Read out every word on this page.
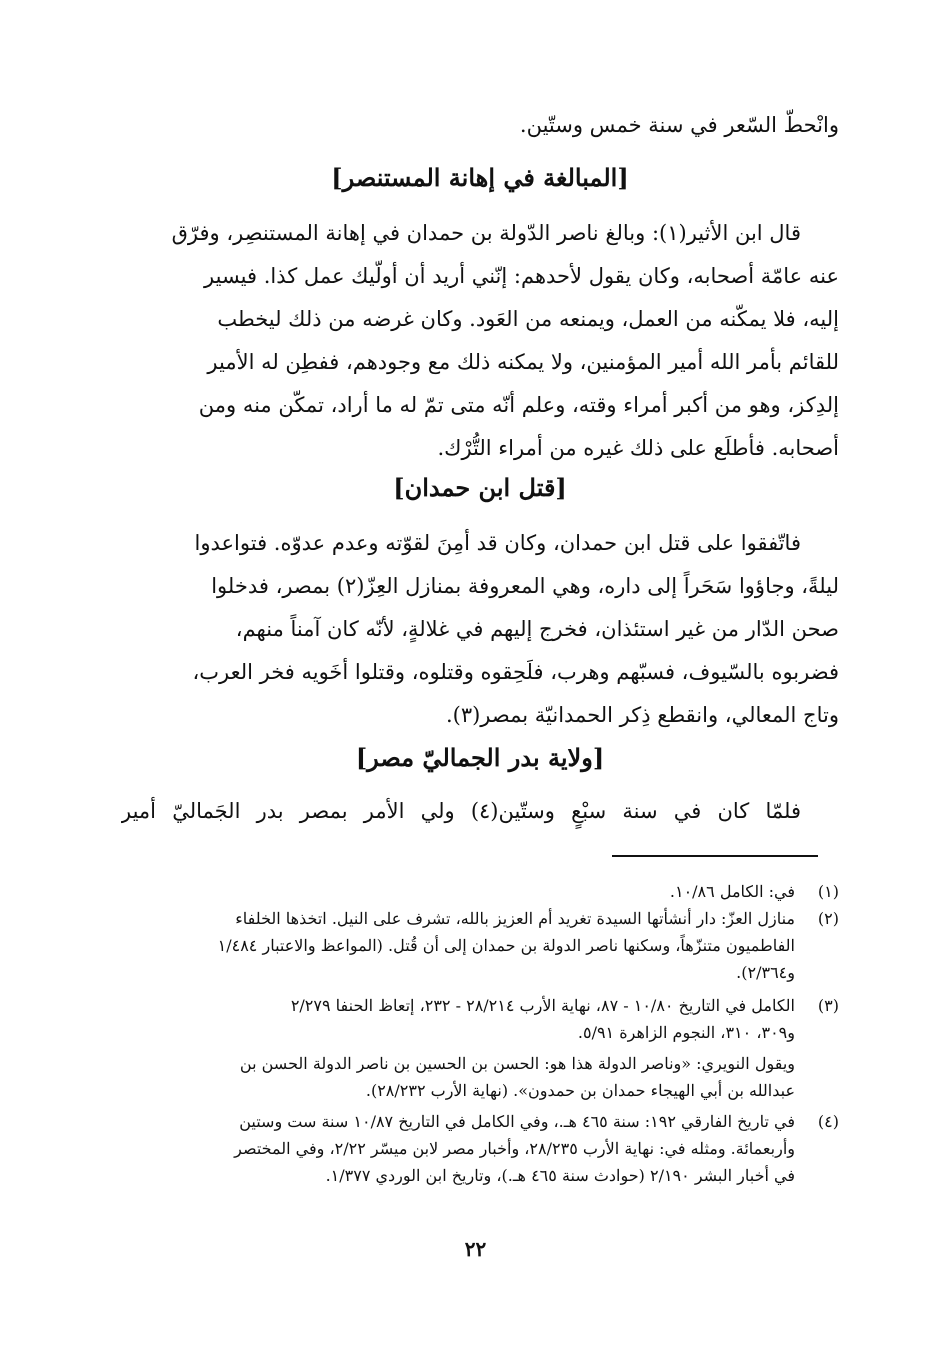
وانْحطّ السّعر في سنة خمس وستّين.
[المبالغة في إهانة المستنصر]
قال ابن الأثير(١): وبالغ ناصر الدّولة بن حمدان في إهانة المستنصِر، وفرّق
عنه عامّة أصحابه، وكان يقول لأحدهم: إنّني أريد أن أولّيك عمل كذا. فيسير
إليه، فلا يمكّنه من العمل، ويمنعه من العَود. وكان غرضه من ذلك ليخطب
للقائم بأمر الله أمير المؤمنين، ولا يمكنه ذلك مع وجودهم، ففطِن له الأمير
إلدِكز، وهو من أكبر أمراء وقته، وعلم أنّه متى تمّ له ما أراد، تمكّن منه ومن
أصحابه. فأطلَع على ذلك غيره من أمراء التُّرْك.
[قتل ابن حمدان]
فاتّفقوا على قتل ابن حمدان، وكان قد أمِنَ لقوّته وعدم عدوّه. فتواعدوا
ليلةً، وجاؤوا سَحَراً إلى داره، وهي المعروفة بمنازل العِزّ(٢) بمصر، فدخلوا
صحن الدّار من غير استئذان، فخرج إليهم في غلالةٍ، لأنّه كان آمناً منهم،
فضربوه بالسّيوف، فسبّهم وهرب، فلَحِقوه وقتلوه، وقتلوا أخَويه فخر العرب،
وتاج المعالي، وانقطع ذِكر الحمدانيّة بمصر(٣).
[ولاية بدر الجماليّ مصر]
فلمّا كان في سنة سبْعٍ وستّين(٤) ولي الأمر بمصر بدر الجَماليّ أمير
(١)
في: الكامل ١٠/٨٦.
(٢)
منازل العزّ: دار أنشأتها السيدة تغريد أم العزيز بالله، تشرف على النيل. اتخذها الخلفاء
الفاطميون متنزّهاً، وسكنها ناصر الدولة بن حمدان إلى أن قُتل. (المواعظ والاعتبار ١/٤٨٤
و٢/٣٦٤).
(٣)
الكامل في التاريخ ١٠/٨٠ - ٨٧، نهاية الأرب ٢٨/٢١٤ - ٢٣٢، إتعاظ الحنفا ٢/٢٧٩
و٣٠٩، ٣١٠، النجوم الزاهرة ٥/٩١.
ويقول النويري: «وناصر الدولة هذا هو: الحسن بن الحسين بن ناصر الدولة الحسن بن
عبدالله بن أبي الهيجاء حمدان بن حمدون». (نهاية الأرب ٢٨/٢٣٢).
(٤)
في تاريخ الفارقي ١٩٢: سنة ٤٦٥ هـ.، وفي الكامل في التاريخ ١٠/٨٧ سنة ست وستين
وأربعمائة. ومثله في: نهاية الأرب ٢٨/٢٣٥، وأخبار مصر لابن ميسّر ٢/٢٢، وفي المختصر
في أخبار البشر ٢/١٩٠ (حوادث سنة ٤٦٥ هـ.)، وتاريخ ابن الوردي ١/٣٧٧.
٢٢
